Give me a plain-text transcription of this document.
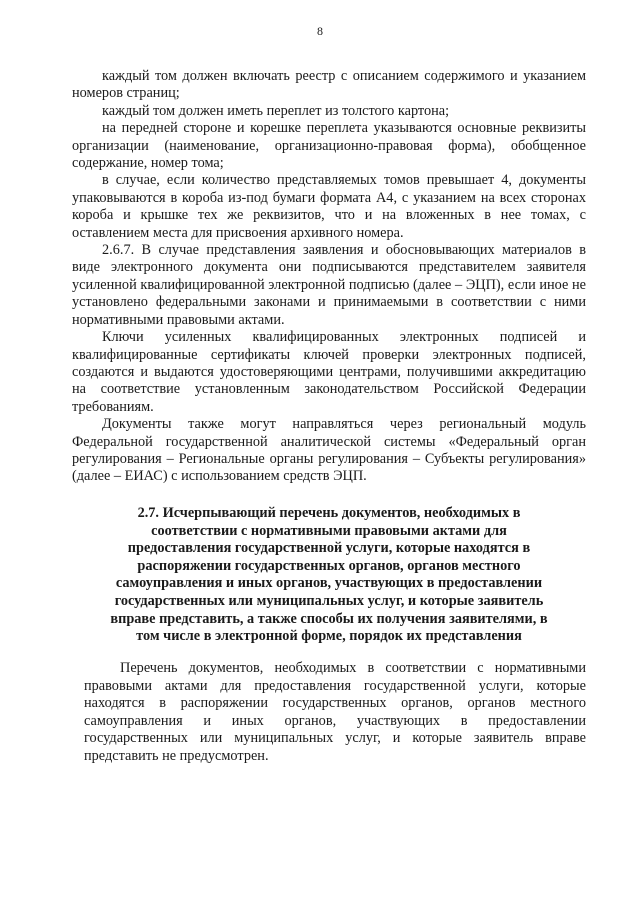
8

каждый том должен включать реестр с описанием содержимого и указанием номеров страниц;

каждый том должен иметь переплет из толстого картона;

на передней стороне и корешке переплета указываются основные реквизиты организации (наименование, организационно-правовая форма), обобщенное содержание, номер тома;

в случае, если количество представляемых томов превышает 4, документы упаковываются в короба из-под бумаги формата А4, с указанием на всех сторонах короба и крышке тех же реквизитов, что и на вложенных в нее томах, с оставлением места для присвоения архивного номера.

2.6.7. В случае представления заявления и обосновывающих материалов в виде электронного документа они подписываются представителем заявителя усиленной квалифицированной электронной подписью (далее – ЭЦП), если иное не установлено федеральными законами и принимаемыми в соответствии с ними нормативными правовыми актами.

Ключи усиленных квалифицированных электронных подписей и квалифицированные сертификаты ключей проверки электронных подписей, создаются и выдаются удостоверяющими центрами, получившими аккредитацию на соответствие установленным законодательством Российской Федерации требованиям.

Документы также могут направляться через региональный модуль Федеральной государственной аналитической системы «Федеральный орган регулирования – Региональные органы регулирования – Субъекты регулирования» (далее – ЕИАС) с использованием средств ЭЦП.

2.7. Исчерпывающий перечень документов, необходимых в соответствии с нормативными правовыми актами для предоставления государственной услуги, которые находятся в распоряжении государственных органов, органов местного самоуправления и иных органов, участвующих в предоставлении государственных или муниципальных услуг, и которые заявитель вправе представить, а также способы их получения заявителями, в том числе в электронной форме, порядок их представления

Перечень документов, необходимых в соответствии с нормативными правовыми актами для предоставления государственной услуги, которые находятся в распоряжении государственных органов, органов местного самоуправления и иных органов, участвующих в предоставлении государственных или муниципальных услуг, и которые заявитель вправе представить не предусмотрен.
